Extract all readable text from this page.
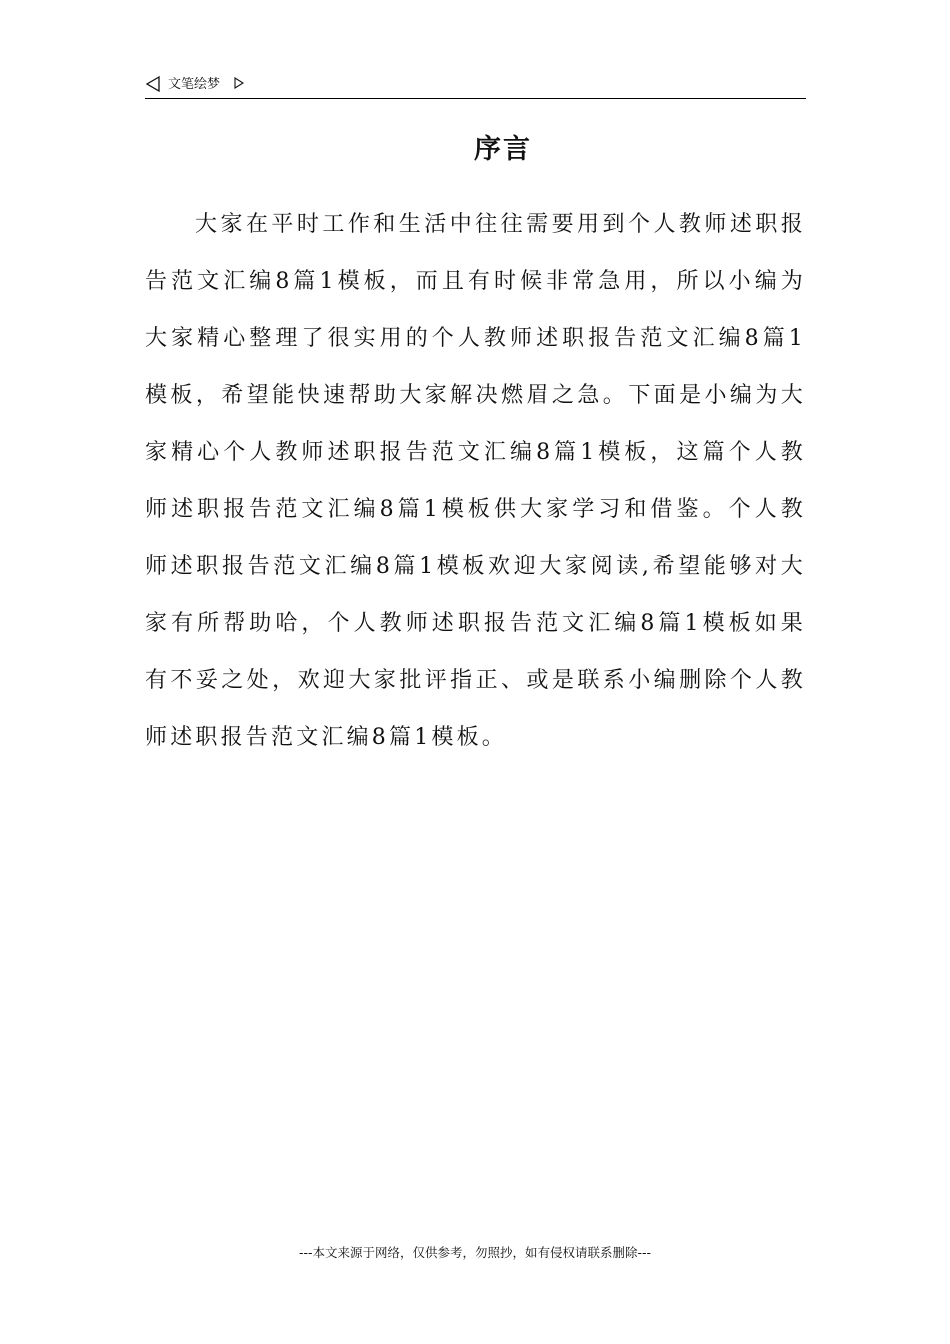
文笔绘梦
序言

大家在平时工作和生活中往往需要用到个人教师述职报告范文汇编8篇1模板，而且有时候非常急用，所以小编为大家精心整理了很实用的个人教师述职报告范文汇编8篇1模板，希望能快速帮助大家解决燃眉之急。下面是小编为大家精心个人教师述职报告范文汇编8篇1模板，这篇个人教师述职报告范文汇编8篇1模板供大家学习和借鉴。个人教师述职报告范文汇编8篇1模板欢迎大家阅读,希望能够对大家有所帮助哈，个人教师述职报告范文汇编8篇1模板如果有不妥之处，欢迎大家批评指正、或是联系小编删除个人教师述职报告范文汇编8篇1模板。

---本文来源于网络，仅供参考，勿照抄，如有侵权请联系删除---
